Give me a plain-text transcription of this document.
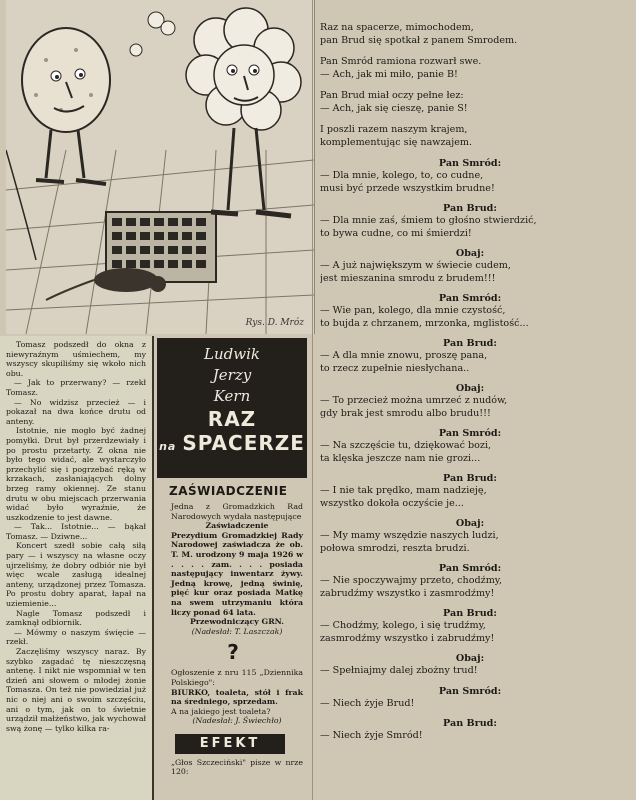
Rys. D. Mróz

Tomasz podszedł do okna z niewyraźnym uśmiechem, my wszyscy skupiliśmy się wkoło nich obu.

— Jak to przerwany? — rzekł Tomasz.

— No widzisz przecież — i pokazał na dwa końce drutu od anteny.

Istotnie, nie mogło być żadnej pomyłki. Drut był przerdzewiały i po prostu przetarty. Z okna nie było tego widać, ale wystarczyło przechylić się i pogrzebać ręką w krzakach, zasłaniających dolny brzeg ramy okiennej. Ze stanu drutu w obu miejscach przerwania widać było wyraźnie, że uszkodzenie to jest dawne.

— Tak... Istotnie... — bąkał Tomasz. — Dziwne...

Koncert szedł sobie całą siłą pary — i wszyscy na własne oczy ujrzeliśmy, że dobry odbiór nie był więc wcale zasługą idealnej anteny, urządzonej przez Tomasza. Po prostu dobry aparat, łapał na uziemienie...

Nagle Tomasz podszedł i zamknął odbiornik.

— Mówmy o naszym święcie — rzekł.

Zaczęliśmy wszyscy naraz. By szybko zagadać tę nieszczęsną antenę. I nikt nie wspomniał w ten dzień ani słowem o młodej żonie Tomasza. On też nie powiedział już nic o niej ani o swoim szczęściu, ani o tym, jak on to świetnie urządził małżeństwo, jak wychował swą żonę — tylko kilka ra-

Ludwik
Jerzy
Kern
RAZ
na SPACERZE
ZAŚWIADCZENIE

Jedna z Gromadzkich Rad Narodowych wydała następujące

Zaświadczenie

Prezydium Gromadzkiej Rady Narodowej zaświadcza że ob. T. M. urodzony 9 maja 1926 w . . . . zam. . . . posiada następujący inwentarz żywy. Jedną krowę, jedną świnię, pięć kur oraz posiada Matkę na swem utrzymaniu która liczy ponad 64 lata.

Przewodniczący GRN.

(Nadesłał: T. Laszczak)

?

Ogłoszenie z nru 115 „Dziennika Polskiego":

BIURKO, toaleta, stół i frak na średniego, sprzedam.

A na jakiego jest toaleta?

(Nadesłał: J. Świechło)

EFEKT

„Głos Szczeciński" pisze w nrze 120:

Raz na spacerze, mimochodem,

pan Brud się spotkał z panem Smrodem.

Pan Smród ramiona rozwarł swe.

— Ach, jak mi miło, panie B!

Pan Brud miał oczy pełne łez:

— Ach, jak się cieszę, panie S!

I poszli razem naszym krajem,

komplementując się nawzajem.

Pan Smród:

— Dla mnie, kolego, to, co cudne,

musi być przede wszystkim brudne!

Pan Brud:

— Dla mnie zaś, śmiem to głośno stwierdzić,

to bywa cudne, co mi śmierdzi!

Obaj:

— A już największym w świecie cudem,

jest mieszanina smrodu z brudem!!!

Pan Smród:

— Wie pan, kolego, dla mnie czystość,

to bujda z chrzanem, mrzonka, mglistość...

Pan Brud:

— A dla mnie znowu, proszę pana,

to rzecz zupełnie niesłychana..

Obaj:

— To przecież można umrzeć z nudów,

gdy brak jest smrodu albo brudu!!!

Pan Smród:

— Na szczęście tu, dziękować bozi,

ta klęska jeszcze nam nie grozi...

Pan Brud:

— I nie tak prędko, mam nadzieję,

wszystko dokoła oczyście je...

Obaj:

— My mamy wszędzie naszych ludzi,

połowa smrodzi, reszta brudzi.

Pan Smród:

— Nie spoczywajmy przeto, chodźmy,

zabrudźmy wszystko i zasmrodźmy!

Pan Brud:

— Chodźmy, kolego, i się trudźmy,

zasmrodźmy wszystko i zabrudźmy!

Obaj:

— Spełniajmy dalej zbożny trud!

Pan Smród:

— Niech żyje Brud!

Pan Brud:

— Niech żyje Smród!
